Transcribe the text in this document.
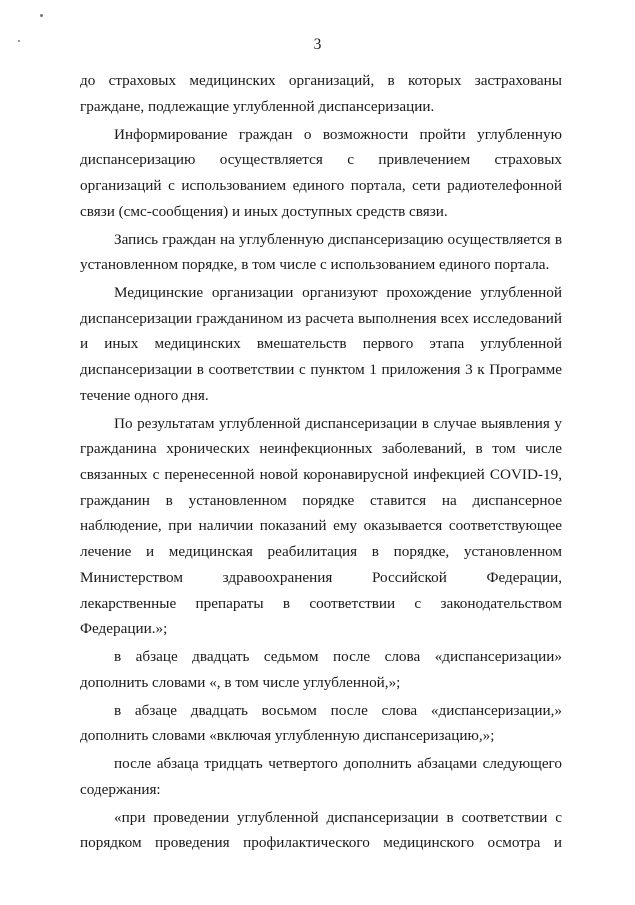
3
до страховых медицинских организаций, в которых застрахованы
граждане, подлежащие углубленной диспансеризации.
Информирование граждан о возможности пройти углубленную
диспансеризацию осуществляется с привлечением страховых
организаций с использованием единого портала, сети радиотелефонной
связи (смс-сообщения) и иных доступных средств связи.
Запись граждан на углубленную диспансеризацию осуществляется в
установленном порядке, в том числе с использованием единого портала.
Медицинские организации организуют прохождение углубленной
диспансеризации гражданином из расчета выполнения всех исследований
и иных медицинских вмешательств первого этапа углубленной
диспансеризации в соответствии с пунктом 1 приложения 3 к Программе
течение одного дня.
По результатам углубленной диспансеризации в случае выявления у
гражданина хронических неинфекционных заболеваний, в том числе
связанных с перенесенной новой коронавирусной инфекцией COVID-19,
гражданин в установленном порядке ставится на диспансерное
наблюдение, при наличии показаний ему оказывается соответствующее
лечение и медицинская реабилитация в порядке, установленном
Министерством здравоохранения Российской Федерации,
лекарственные препараты в соответствии с законодательством
Федерации.»;
в абзаце двадцать седьмом после слова «диспансеризации»
дополнить словами «, в том числе углубленной,»;
в абзаце двадцать восьмом после слова «диспансеризации,»
дополнить словами «включая углубленную диспансеризацию,»;
после абзаца тридцать четвертого дополнить абзацами следующего
содержания:
«при проведении углубленной диспансеризации в соответствии с
порядком проведения профилактического медицинского осмотра и
